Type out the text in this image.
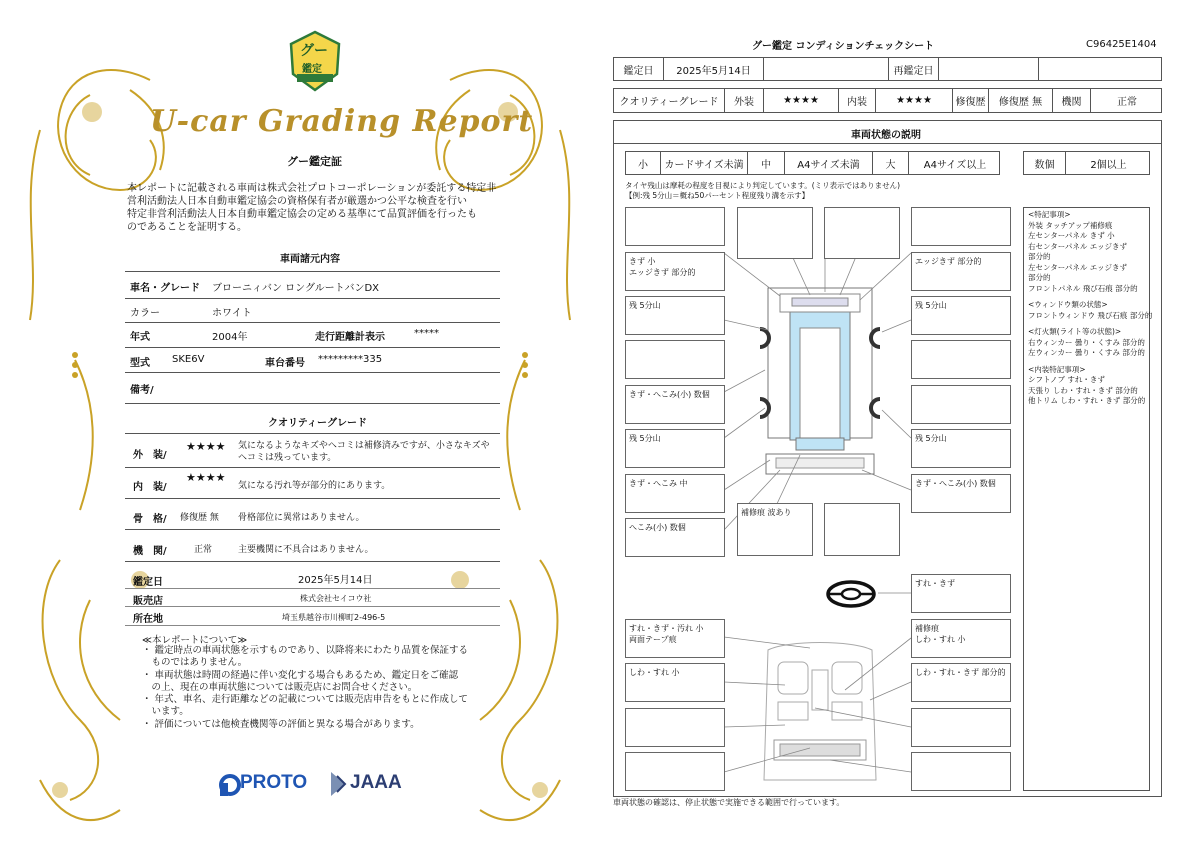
グー
鑑定
U-car Grading Report
グー鑑定証
本レポートに記載される車両は株式会社プロトコーポレーションが委託する特定非
営利活動法人日本自動車鑑定協会の資格保有者が厳選かつ公平な検査を行い
特定非営利活動法人日本自動車鑑定協会の定める基準にて品質評価を行ったも
のであることを証明する。
車両諸元内容
車名・グレード ブローニィバン ロングルートバンDX
カラー	ホワイト
年式	2004年	走行距離計表示	*****
型式 SKE6V	車台番号 *********335
備考/
クオリティーグレード
外　装/
★★★★ 気になるようなキズやヘコミは補修済みですが、小さなキズや
ヘコミは残っています。
内　装/
★★★★
気になる汚れ等が部分的にあります。
骨　格/ 修復歴 無 骨格部位に異常はありません。
機　関/	正常	主要機関に不具合はありません。
鑑定日	2025年5月14日
販売店	株式会社セイコウ社
所在地	埼玉県越谷市川柳町2-496-5
≪本レポートについて≫
・ 鑑定時点の車両状態を示すものであり、以降将来にわたり品質を保証する
　ものではありません。
・ 車両状態は時間の経過に伴い変化する場合もあるため、鑑定日をご確認
　の上、現在の車両状態については販売店にお問合せください。
・ 年式、車名、走行距離などの記載については販売店申告をもとに作成して
　います。
・ 評価については他検査機関等の評価と異なる場合があります。
PROTO JAAA
グー鑑定 コンディションチェックシート	C96425E1404
鑑定日	2025年5月14日	再鑑定日
クオリティーグレード	外装	★★★★	内装	★★★★	修復歴	修復歴 無	機関	正常
車両状態の説明
小	カードサイズ未満	中	A4サイズ未満	大	A4サイズ以上	数個	2個以上
タイヤ残山は摩耗の程度を目視により判定しています。(ミリ表示ではありません)
【例:残 5分山＝概ね50パーセント程度残り溝を示す】
きず 小
エッジきず 部分的
残 5分山
きず・へこみ(小) 数個
残 5分山
きず・へこみ 中
へこみ(小) 数個
エッジきず 部分的
残 5分山
残 5分山
きず・へこみ(小) 数個
補修痕 波あり
すれ・きず・汚れ 小
両面テープ痕
しわ・すれ 小
すれ・きず
補修痕
しわ・すれ 小
しわ・すれ・きず 部分的
<特記事項>
外装 タッチアップ補修痕
左センターパネル きず 小
右センターパネル エッジきず
部分的
左センターパネル エッジきず
部分的
フロントパネル 飛び石痕 部分的
<ウィンドウ類の状態>
フロントウィンドウ 飛び石痕 部分的
<灯火類(ライト等の状態)>
右ウィンカー 曇り・くすみ 部分的
左ウィンカー 曇り・くすみ 部分的
<内装特記事項>
シフトノブ すれ・きず
天張り しわ・すれ・きず 部分的
他トリム しわ・すれ・きず 部分的
車両状態の確認は、停止状態で実施できる範囲で行っています。
